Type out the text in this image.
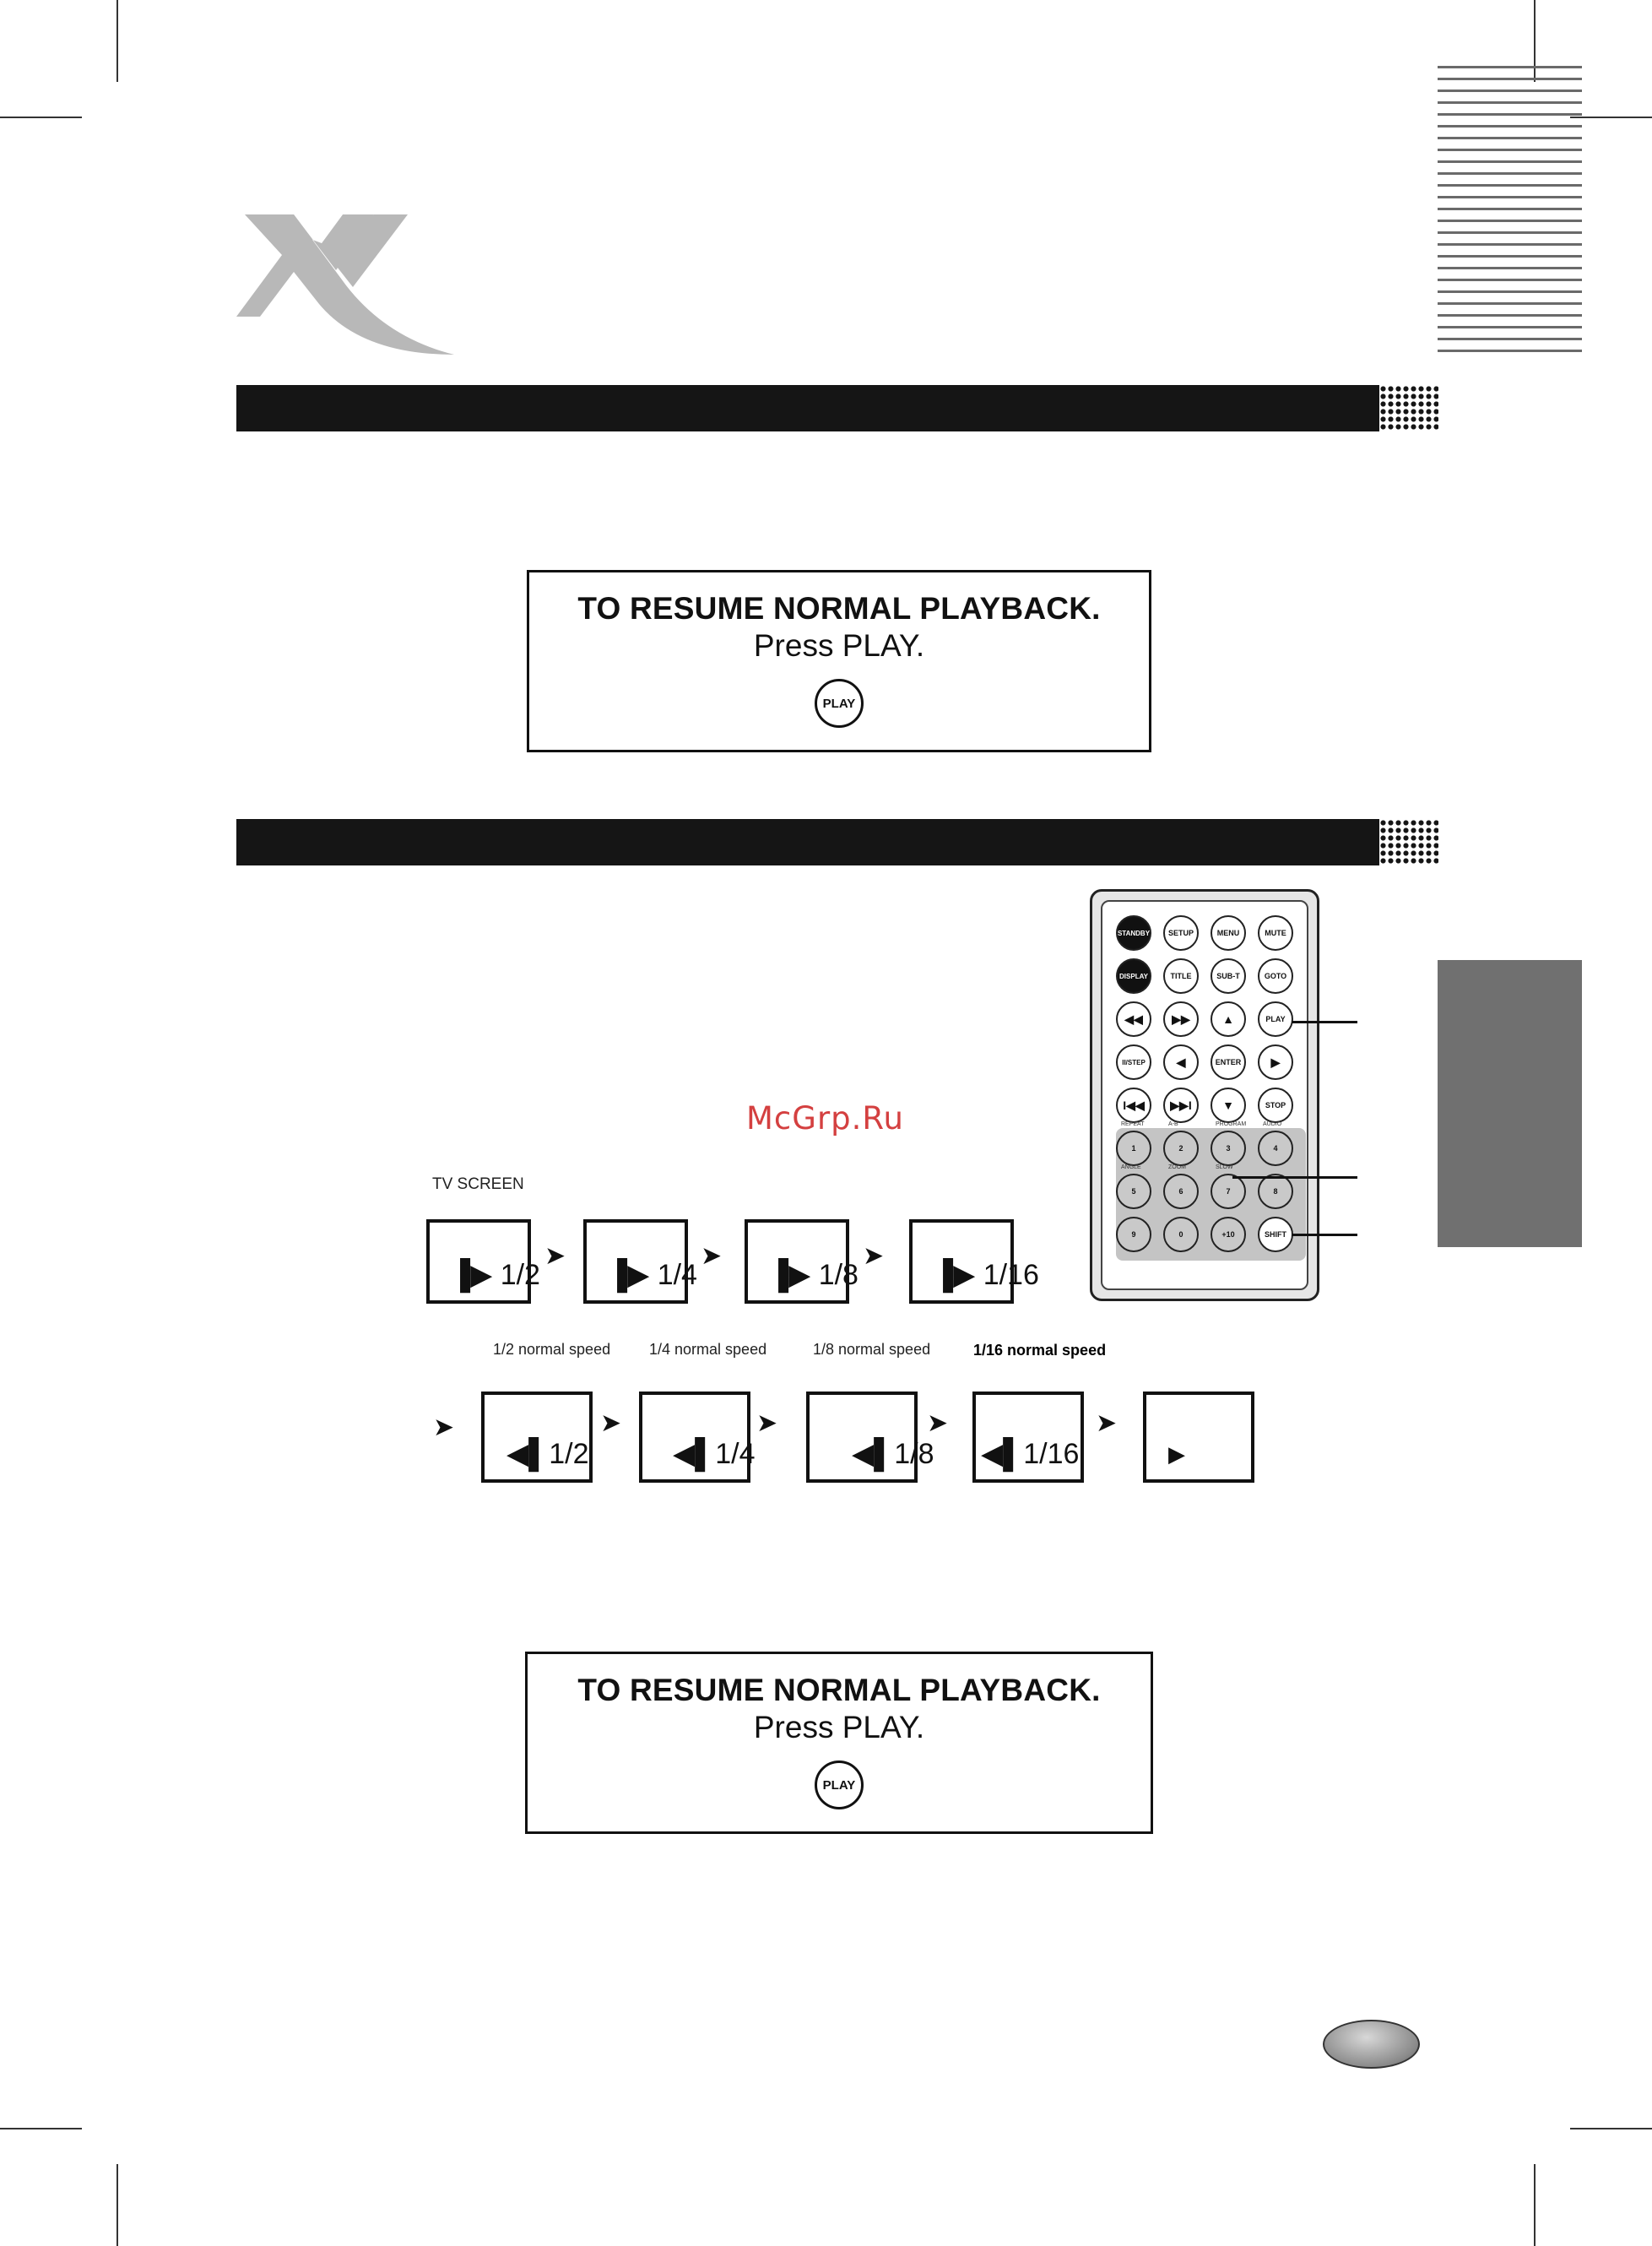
TO RESUME NORMAL PLAYBACK.
Press PLAY.
PLAY
McGrp.Ru
TV SCREEN
▐▶ 1/2 ▐▶ 1/4 ▐▶ 1/8	▐▶ 1/16
➤	➤	➤
1/2 normal speed	1/4 normal speed	1/8 normal speed	1/16 normal speed
➤
◀▌1/2
➤
◀▌1/4
➤
◀▌1/8
➤
◀▌1/16
➤
▶
STANDBY	SETUP	MENU	MUTE
DISPLAY	TITLE	SUB-T	GOTO
◀◀	▶▶	▲	PLAY
II/STEP	◀	ENTER	▶
I◀◀	▶▶I	▼	STOP
1	2	3	4
5	6	7	8
9	0	+10	SHIFT
REPEAT	A-B	PROGRAM	AUDIO
ANGLE	ZOOM	SLOW
TO RESUME NORMAL PLAYBACK.
Press PLAY.
PLAY
